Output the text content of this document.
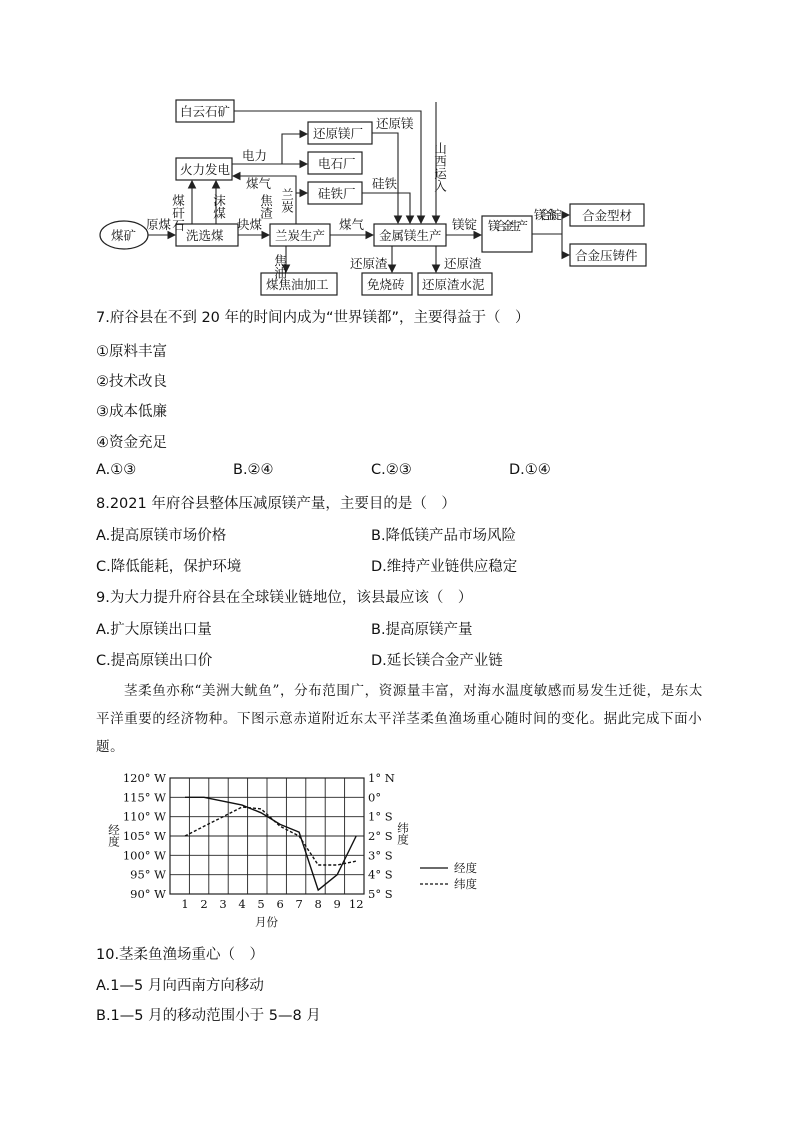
煤矿
白云石矿
火力发电
洗选煤	兰炭生产
煤焦油加工
还原镁厂
电石厂
硅铁厂
金属镁生产
免烧砖 还原渣水泥
镁合金生产
合金型材
合金压铸件
原煤 煤矸石 沫煤
块煤
电力
煤气
煤气
焦渣 兰炭
焦油
还原镁
山西运入
硅铁
镁锭
还原渣	还原渣
镁合金锭
7.府谷县在不到 20 年的时间内成为“世界镁都”，主要得益于（　）
①原料丰富
②技术改良
③成本低廉
④资金充足
A.①③	B.②④	C.②③	D.①④
8.2021 年府谷县整体压减原镁产量，主要目的是（　）
A.提高原镁市场价格	B.降低镁产品市场风险
C.降低能耗，保护环境	D.维持产业链供应稳定
9.为大力提升府谷县在全球镁业链地位，该县最应该（　）
A.扩大原镁出口量	B.提高原镁产量
C.提高原镁出口价	D.延长镁合金产业链
茎柔鱼亦称“美洲大鱿鱼”，分布范围广，资源量丰富，对海水温度敏感而易发生迁徙，是东太平洋重要的经济物种。下图示意赤道附近东太平洋茎柔鱼渔场重心随时间的变化。据此完成下面小题。
120° W
115° W
110° W
105° W
100° W
95° W
90° W
1° N
0°
1° S
2° S
3° S
4° S
5° S
1 2 3 4 5 6 7 8 9 12
月份
经度	纬度
经度
纬度
10.茎柔鱼渔场重心（　）
A.1—5 月向西南方向移动
B.1—5 月的移动范围小于 5—8 月
